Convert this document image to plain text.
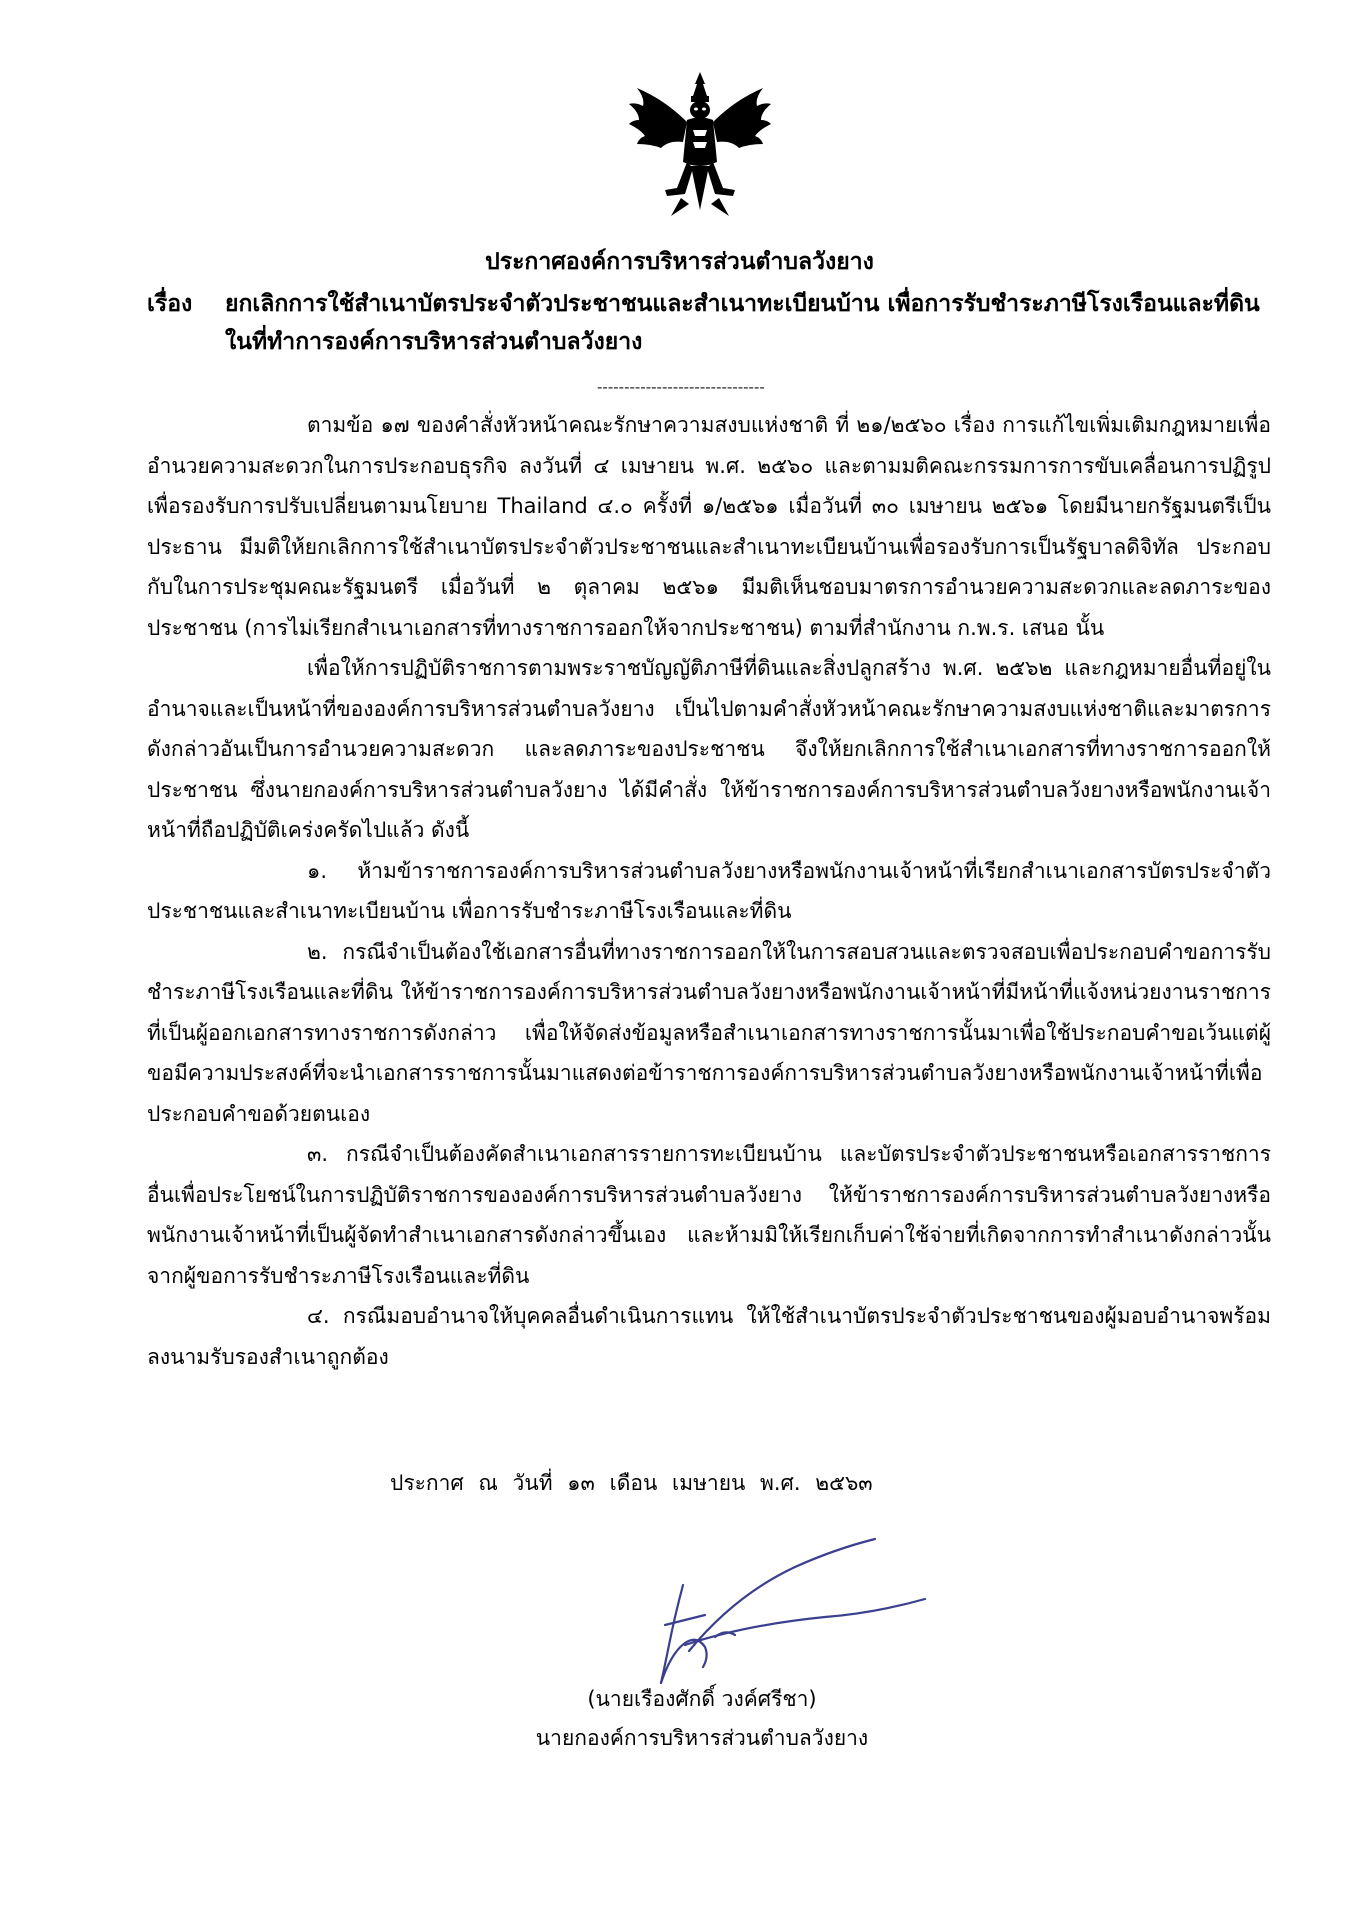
ประกาศองค์การบริหารส่วนตำบลวังยาง
เรื่อง ยกเลิกการใช้สำเนาบัตรประจำตัวประชาชนและสำเนาทะเบียนบ้าน เพื่อการรับชำระภาษีโรงเรือนและที่ดินในที่ทำการองค์การบริหารส่วนตำบลวังยาง
-------------------------------

ตามข้อ ๑๗ ของคำสั่งหัวหน้าคณะรักษาความสงบแห่งชาติ ที่ ๒๑/๒๕๖๐ เรื่อง การแก้ไขเพิ่มเติมกฎหมายเพื่ออำนวยความสะดวกในการประกอบธุรกิจ ลงวันที่ ๔ เมษายน พ.ศ. ๒๕๖๐ และตามมติคณะกรรมการการขับเคลื่อนการปฏิรูปเพื่อรองรับการปรับเปลี่ยนตามนโยบาย Thailand ๔.๐ ครั้งที่ ๑/๒๕๖๑ เมื่อวันที่ ๓๐ เมษายน ๒๕๖๑ โดยมีนายกรัฐมนตรีเป็นประธาน มีมติให้ยกเลิกการใช้สำเนาบัตรประจำตัวประชาชนและสำเนาทะเบียนบ้านเพื่อรองรับการเป็นรัฐบาลดิจิทัล ประกอบกับในการประชุมคณะรัฐมนตรี เมื่อวันที่ ๒ ตุลาคม ๒๕๖๑ มีมติเห็นชอบมาตรการอำนวยความสะดวกและลดภาระของประชาชน (การไม่เรียกสำเนาเอกสารที่ทางราชการออกให้จากประชาชน) ตามที่สำนักงาน ก.พ.ร. เสนอ นั้น

เพื่อให้การปฏิบัติราชการตามพระราชบัญญัติภาษีที่ดินและสิ่งปลูกสร้าง พ.ศ. ๒๕๖๒ และกฎหมายอื่นที่อยู่ในอำนาจและเป็นหน้าที่ขององค์การบริหารส่วนตำบลวังยาง เป็นไปตามคำสั่งหัวหน้าคณะรักษาความสงบแห่งชาติและมาตรการดังกล่าวอันเป็นการอำนวยความสะดวก และลดภาระของประชาชน จึงให้ยกเลิกการใช้สำเนาเอกสารที่ทางราชการออกให้ประชาชน ซึ่งนายกองค์การบริหารส่วนตำบลวังยาง ได้มีคำสั่ง ให้ข้าราชการองค์การบริหารส่วนตำบลวังยางหรือพนักงานเจ้าหน้าที่ถือปฏิบัติเคร่งครัดไปแล้ว ดังนี้

๑. ห้ามข้าราชการองค์การบริหารส่วนตำบลวังยางหรือพนักงานเจ้าหน้าที่เรียกสำเนาเอกสารบัตรประจำตัวประชาชนและสำเนาทะเบียนบ้าน เพื่อการรับชำระภาษีโรงเรือนและที่ดิน

๒. กรณีจำเป็นต้องใช้เอกสารอื่นที่ทางราชการออกให้ในการสอบสวนและตรวจสอบเพื่อประกอบคำขอการรับชำระภาษีโรงเรือนและที่ดิน ให้ข้าราชการองค์การบริหารส่วนตำบลวังยางหรือพนักงานเจ้าหน้าที่มีหน้าที่แจ้งหน่วยงานราชการที่เป็นผู้ออกเอกสารทางราชการดังกล่าว เพื่อให้จัดส่งข้อมูลหรือสำเนาเอกสารทางราชการนั้นมาเพื่อใช้ประกอบคำขอเว้นแต่ผู้ขอมีความประสงค์ที่จะนำเอกสารราชการนั้นมาแสดงต่อข้าราชการองค์การบริหารส่วนตำบลวังยางหรือพนักงานเจ้าหน้าที่เพื่อประกอบคำขอด้วยตนเอง

๓. กรณีจำเป็นต้องคัดสำเนาเอกสารรายการทะเบียนบ้าน และบัตรประจำตัวประชาชนหรือเอกสารราชการอื่นเพื่อประโยชน์ในการปฏิบัติราชการขององค์การบริหารส่วนตำบลวังยาง ให้ข้าราชการองค์การบริหารส่วนตำบลวังยางหรือพนักงานเจ้าหน้าที่เป็นผู้จัดทำสำเนาเอกสารดังกล่าวขึ้นเอง และห้ามมิให้เรียกเก็บค่าใช้จ่ายที่เกิดจากการทำสำเนาดังกล่าวนั้นจากผู้ขอการรับชำระภาษีโรงเรือนและที่ดิน

๔. กรณีมอบอำนาจให้บุคคลอื่นดำเนินการแทน ให้ใช้สำเนาบัตรประจำตัวประชาชนของผู้มอบอำนาจพร้อมลงนามรับรองสำเนาถูกต้อง

ประกาศ ณ วันที่ ๑๓ เดือน เมษายน พ.ศ. ๒๕๖๓
(นายเรืองศักดิ์ วงค์ศรีชา)
นายกองค์การบริหารส่วนตำบลวังยาง
